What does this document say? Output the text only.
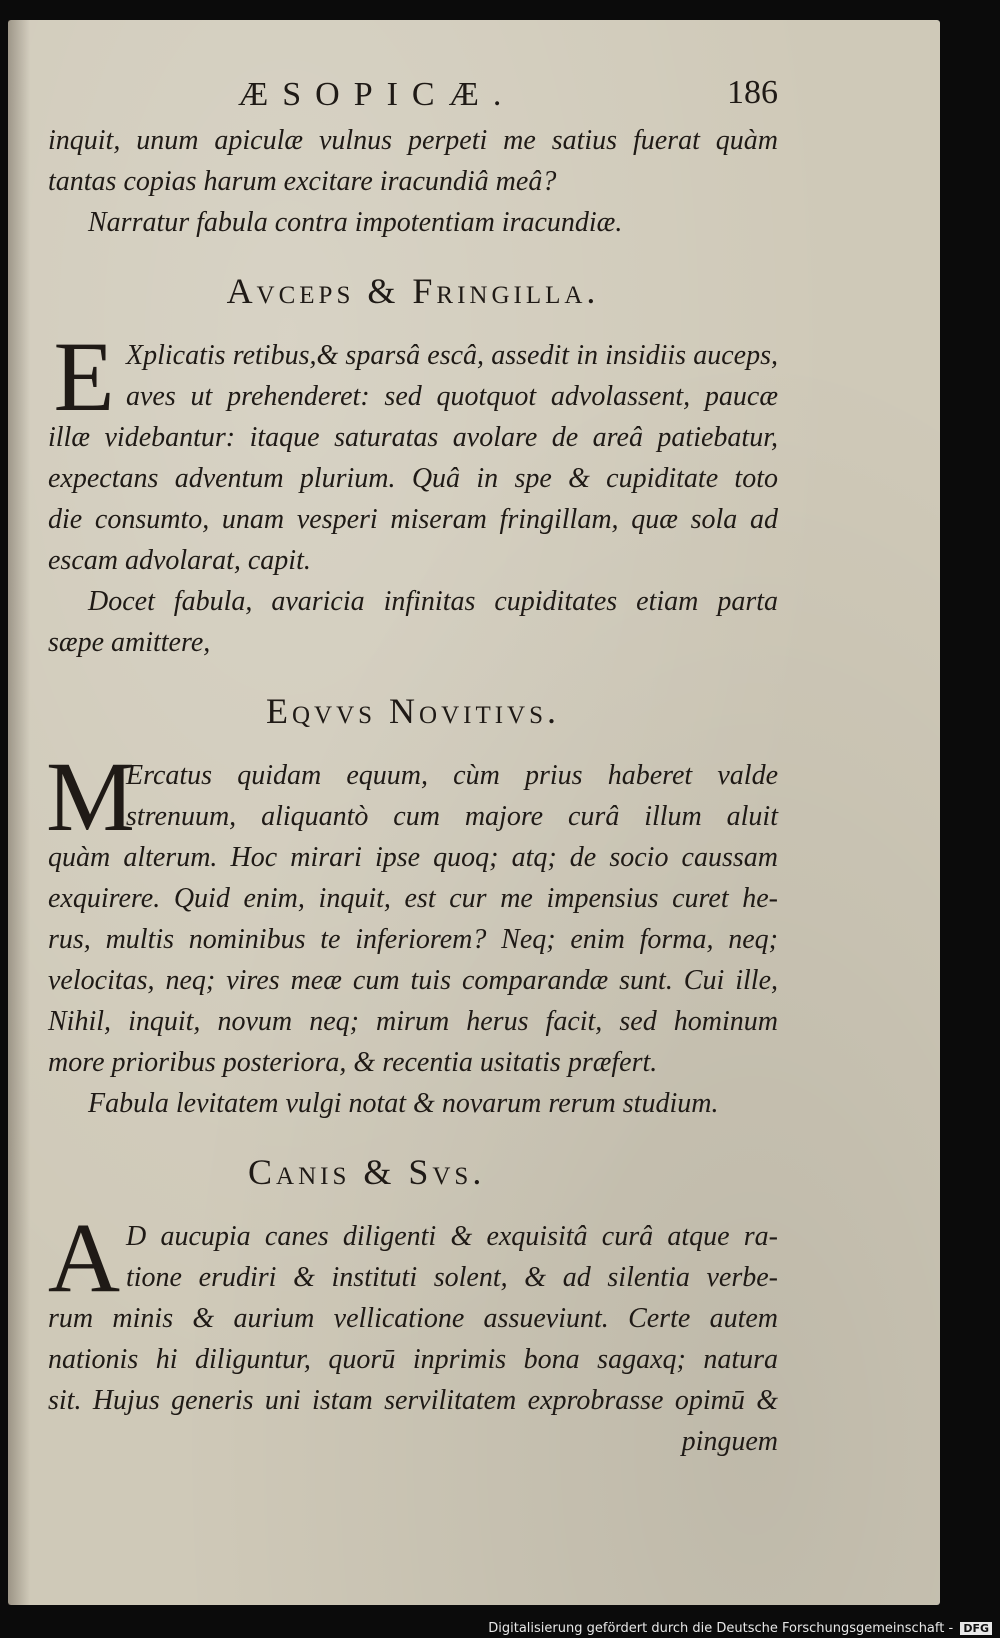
ÆSOPICÆ.	186
inquit, unum apiculæ vulnus perpeti me satius fuerat quàm
tantas copias harum excitare iracundiâ meâ?
Narratur fabula contra impotentiam iracundiæ.
Avceps & Fringilla.
E Xplicatis retibus,& sparsâ escâ, assedit in insidiis auceps,
aves ut prehenderet: sed quotquot advolassent, paucæ
illæ videbantur: itaque saturatas avolare de areâ patiebatur,
expectans adventum plurium. Quâ in spe & cupiditate toto
die consumto, unam vesperi miseram fringillam, quæ sola ad
escam advolarat, capit.
Docet fabula, avaricia infinitas cupiditates etiam parta
sæpe amittere,
Eqvvs Novitivs.
M
Ercatus quidam equum, cùm prius haberet valde
strenuum, aliquantò cum majore curâ illum aluit
quàm alterum. Hoc mirari ipse quoq; atq; de socio caussam
exquirere. Quid enim, inquit, est cur me impensius curet he-
rus, multis nominibus te inferiorem? Neq; enim forma, neq;
velocitas, neq; vires meæ cum tuis comparandæ sunt. Cui ille,
Nihil, inquit, novum neq; mirum herus facit, sed hominum
more prioribus posteriora, & recentia usitatis præfert.
Fabula levitatem vulgi notat & novarum rerum studium.
Canis & Svs.
A D aucupia canes diligenti & exquisitâ curâ atque ra-
tione erudiri & instituti solent, & ad silentia verbe-
rum minis & aurium vellicatione assueviunt. Certe autem
nationis hi diliguntur, quorū inprimis bona sagaxq; natura
sit. Hujus generis uni istam servilitatem exprobrasse opimū &
pinguem
Digitalisierung gefördert durch die Deutsche Forschungsgemeinschaft - DFG
